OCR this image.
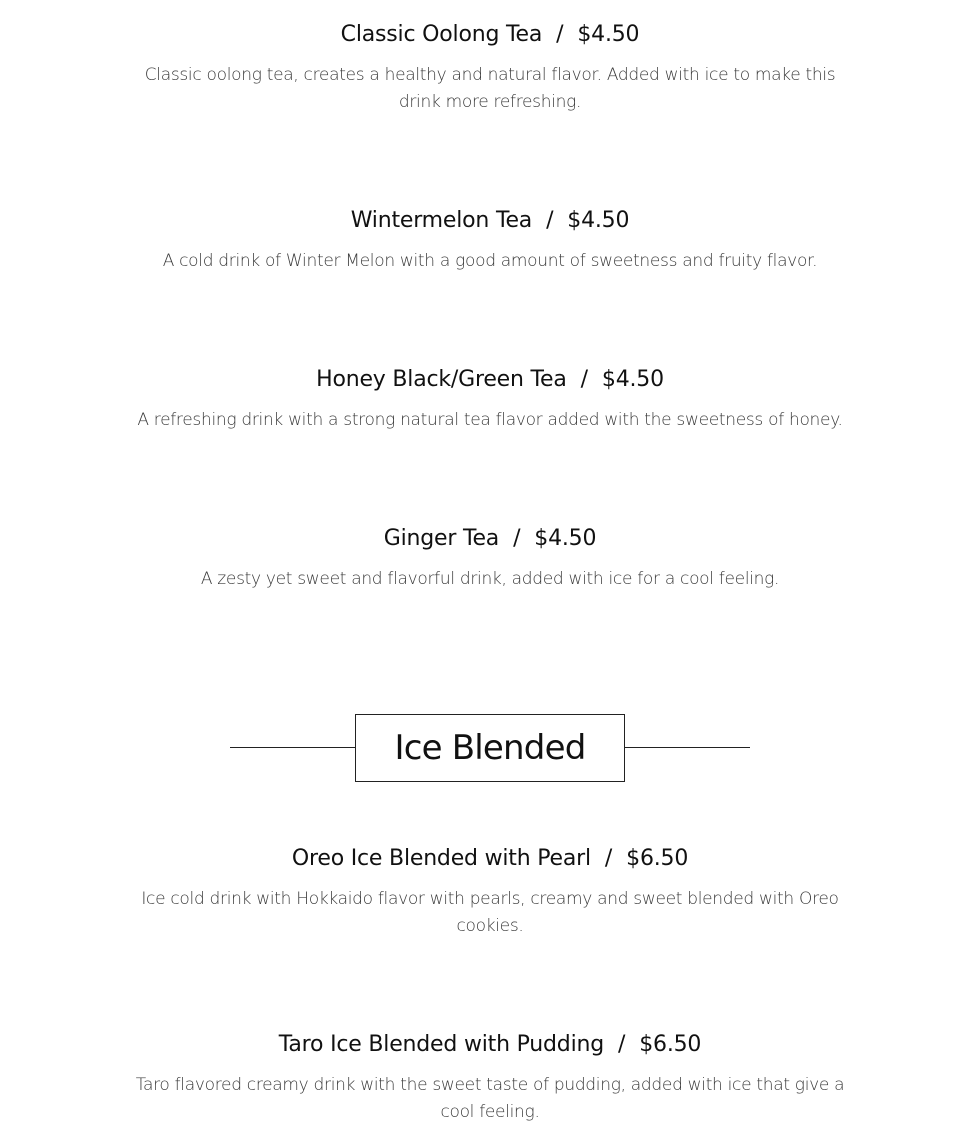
Classic Oolong Tea / $4.50
Classic oolong tea, creates a healthy and natural flavor. Added with ice to make this drink more refreshing.
Wintermelon Tea / $4.50
A cold drink of Winter Melon with a good amount of sweetness and fruity flavor.
Honey Black/Green Tea / $4.50
A refreshing drink with a strong natural tea flavor added with the sweetness of honey.
Ginger Tea / $4.50
A zesty yet sweet and flavorful drink, added with ice for a cool feeling.
Ice Blended
Oreo Ice Blended with Pearl / $6.50
Ice cold drink with Hokkaido flavor with pearls, creamy and sweet blended with Oreo cookies.
Taro Ice Blended with Pudding / $6.50
Taro flavored creamy drink with the sweet taste of pudding, added with ice that give a cool feeling.
